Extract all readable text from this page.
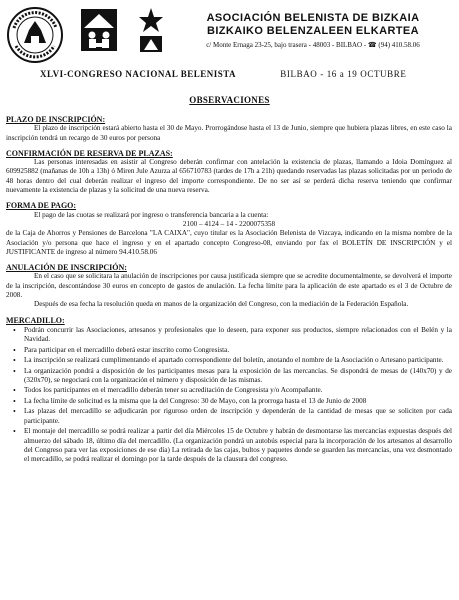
ASOCIACIÓN BELENISTA DE BIZKAIA
BIZKAIKO BELENZALEEN ELKARTEA
c/ Monte Ernaga 23-25, bajo trasera - 48003 - BILBAO - ☎ (94) 410.58.06
XLVI-CONGRESO NACIONAL BELENISTA	BILBAO - 16 a 19 OCTUBRE
OBSERVACIONES
PLAZO DE INSCRIPCIÓN:
El plazo de inscripción estará abierto hasta el 30 de Mayo. Prorrogándose hasta el 13 de Junio, siempre que hubiera plazas libres, en este caso la inscripción tendrá un recargo de 30 euros por persona
CONFIRMACIÓN DE RESERVA DE PLAZAS:
Las personas interesadas en asistir al Congreso deberán confirmar con antelación la existencia de plazas, llamando a Idoia Domínguez al 609925882 (mañanas de 10h a 13h) ó Miren Jule Azurza al 656710783 (tardes de 17h a 21h) quedando reservadas las plazas solicitadas por un periodo de 48 horas dentro del cual deberán realizar el ingreso del importe correspondiente. De no ser así se perderá dicha reserva teniendo que confirmar nuevamente la existencia de plazas y la solicitud de una nueva reserva.
FORMA DE PAGO:
El pago de las cuotas se realizará por ingreso o transferencia bancaria a la cuenta:
2100 – 4124 – 14 - 2200075358
de la Caja de Ahorros y Pensiones de Barcelona "LA CAIXA", cuyo titular es la Asociación Belenista de Vizcaya, indicando en la misma nombre de la Asociación y/o persona que hace el ingreso y en el apartado concepto Congreso-08, enviando por fax el BOLETÍN DE INSCRIPCIÓN y el JUSTIFICANTE de ingreso al número 94.410.58.06
ANULACIÓN DE INSCRIPCIÓN:
En el caso que se solicitara la anulación de inscripciones por causa justificada siempre que se acredite documentalmente, se devolverá el importe de la inscripción, descontándose 30 euros en concepto de gastos de anulación. La fecha límite para la aplicación de este apartado es el 3 de Octubre de 2008.
Después de esa fecha la resolución queda en manos de la organización del Congreso, con la mediación de la Federación Española.
MERCADILLO:
• Podrán concurrir las Asociaciones, artesanos y profesionales que lo deseen, para exponer sus productos, siempre relacionados con el Belén y la Navidad.
• Para participar en el mercadillo deberá estar inscrito como Congresista.
• La inscripción se realizará cumplimentando el apartado correspondiente del boletín, anotando el nombre de la Asociación o Artesano participante.
• La organización pondrá a disposición de los participantes mesas para la exposición de las mercancías. Se dispondrá de mesas de (140x70) y de (320x70), se negociará con la organización el número y disposición de las mismas.
• Todos los participantes en el mercadillo deberán tener su acreditación de Congresista y/o Acompañante.
• La fecha límite de solicitud es la misma que la del Congreso: 30 de Mayo, con la prorroga hasta el 13 de Junio de 2008
• Las plazas del mercadillo se adjudicarán por riguroso orden de inscripción y dependerán de la cantidad de mesas que se soliciten por cada participante.
• El montaje del mercadillo se podrá realizar a partir del día Miércoles 15 de Octubre y habrán de desmontarse las mercancías expuestas después del almuerzo del sábado 18, último día del mercadillo. (La organización pondrá un autobús especial para la incorporación de los artesanos al desarrollo del Congreso para ver las exposiciones de ese día) La retirada de las cajas, bultos y paquetes donde se guarden las mercancías, una vez desmontado el mercadillo, se podrá realizar el domingo por la tarde después de la clausura del congreso.
